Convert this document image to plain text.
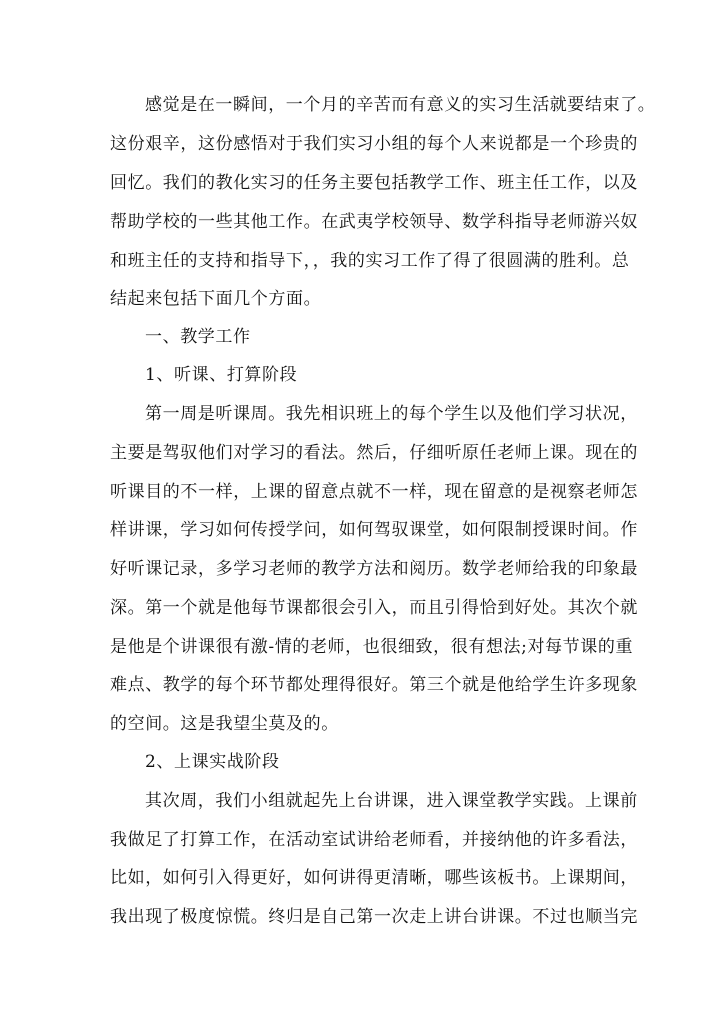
感觉是在一瞬间，一个月的辛苦而有意义的实习生活就要结束了。
这份艰辛，这份感悟对于我们实习小组的每个人来说都是一个珍贵的
回忆。我们的教化实习的任务主要包括教学工作、班主任工作，以及
帮助学校的一些其他工作。在武夷学校领导、数学科指导老师游兴奴
和班主任的支持和指导下，，我的实习工作了得了很圆满的胜利。总
结起来包括下面几个方面。
一、教学工作
1、听课、打算阶段
第一周是听课周。我先相识班上的每个学生以及他们学习状况，
主要是驾驭他们对学习的看法。然后，仔细听原任老师上课。现在的
听课目的不一样，上课的留意点就不一样，现在留意的是视察老师怎
样讲课，学习如何传授学问，如何驾驭课堂，如何限制授课时间。作
好听课记录，多学习老师的教学方法和阅历。数学老师给我的印象最
深。第一个就是他每节课都很会引入，而且引得恰到好处。其次个就
是他是个讲课很有激-情的老师，也很细致，很有想法;对每节课的重
难点、教学的每个环节都处理得很好。第三个就是他给学生许多现象
的空间。这是我望尘莫及的。
2、上课实战阶段
其次周，我们小组就起先上台讲课，进入课堂教学实践。上课前
我做足了打算工作，在活动室试讲给老师看，并接纳他的许多看法，
比如，如何引入得更好，如何讲得更清晰，哪些该板书。上课期间，
我出现了极度惊慌。终归是自己第一次走上讲台讲课。不过也顺当完
